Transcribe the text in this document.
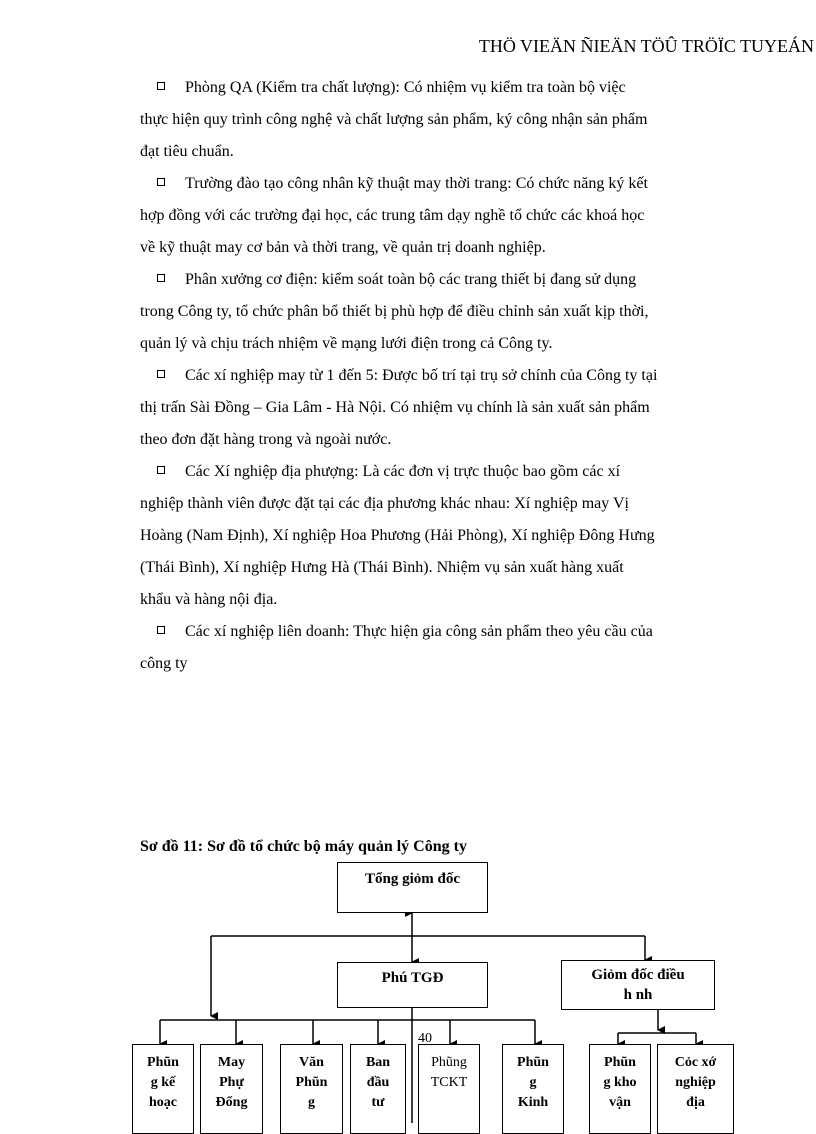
THÖ VIEÄN ÑIEÄN TÖÛ TRÖÏC TUYEÁN

Phòng QA (Kiểm tra chất lượng): Có nhiệm vụ kiểm tra toàn bộ việc
thực hiện quy trình công nghệ và chất lượng sản phẩm, ký công nhận sản phẩm
đạt tiêu chuẩn.

Trường đào tạo công nhân kỹ thuật may thời trang: Có chức năng ký kết
hợp đồng với các trường đại học, các trung tâm dạy nghề tổ chức các khoá học
về kỹ thuật may cơ bản và thời trang, về quản trị doanh nghiệp.

Phân xưởng cơ điện: kiểm soát toàn bộ các trang thiết bị đang sử dụng
trong Công ty, tổ chức phân bổ thiết bị phù hợp để điều chỉnh sản xuất kịp thời,
quản lý và chịu trách nhiệm về mạng lưới điện trong cả Công ty.

Các xí nghiệp may từ 1 đến 5: Được bố trí tại trụ sở chính của Công ty tại
thị trấn Sài Đồng – Gia Lâm - Hà Nội. Có nhiệm vụ chính là sản xuất sản phẩm
theo đơn đặt hàng trong và ngoài nước.

Các Xí nghiệp địa phượng: Là các đơn vị trực thuộc bao gồm các xí
nghiệp thành viên được đặt tại các địa phương khác nhau: Xí nghiệp may Vị
Hoàng (Nam Định), Xí nghiệp Hoa Phương (Hải Phòng), Xí nghiệp Đông Hưng
(Thái Bình), Xí nghiệp Hưng Hà (Thái Bình). Nhiệm vụ sản xuất hàng xuất
khẩu và hàng nội địa.

Các xí nghiệp liên doanh: Thực hiện gia công sản phẩm theo yêu cầu của
công ty

Sơ đồ 11: Sơ đồ tổ chức bộ máy quản lý Công ty
Tổng giỏm đốc
Phú TGĐ	Giỏm đốc điều
h nh
Phũn
g kế
hoạc
May
Phự
Đổng
Văn
Phũn
g
Ban
đầu
tư
Phũng
TCKT
Phũn
g
Kinh
Phũn
g kho
vận
Cỏc xớ
nghiệp
địa
40
